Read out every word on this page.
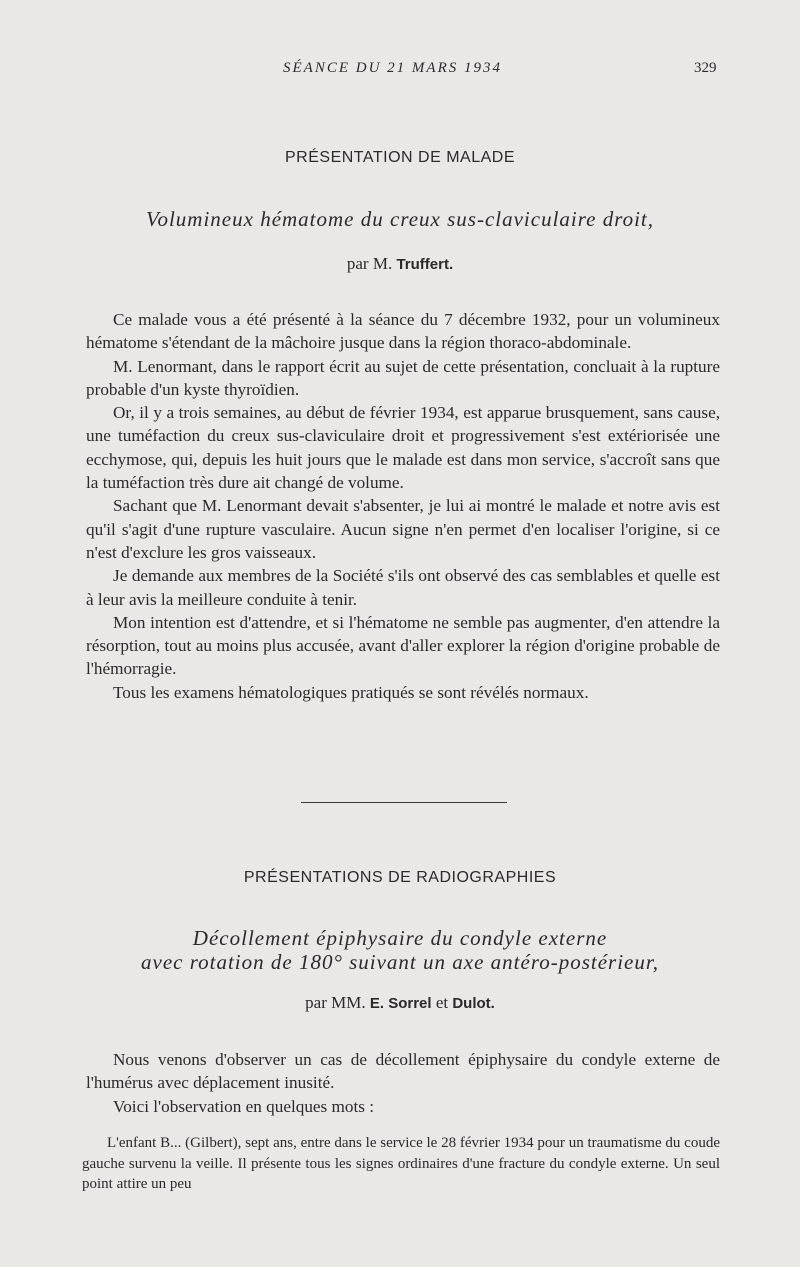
SÉANCE DU 21 MARS 1934	329
PRÉSENTATION DE MALADE
Volumineux hématome du creux sus-claviculaire droit,
par M. Truffert.

Ce malade vous a été présenté à la séance du 7 décembre 1932, pour un volumineux hématome s'étendant de la mâchoire jusque dans la région thoraco-abdominale.

M. Lenormant, dans le rapport écrit au sujet de cette présentation, concluait à la rupture probable d'un kyste thyroïdien.

Or, il y a trois semaines, au début de février 1934, est apparue brusquement, sans cause, une tuméfaction du creux sus-claviculaire droit et progressivement s'est extériorisée une ecchymose, qui, depuis les huit jours que le malade est dans mon service, s'accroît sans que la tuméfaction très dure ait changé de volume.

Sachant que M. Lenormant devait s'absenter, je lui ai montré le malade et notre avis est qu'il s'agit d'une rupture vasculaire. Aucun signe n'en permet d'en localiser l'origine, si ce n'est d'exclure les gros vaisseaux.

Je demande aux membres de la Société s'ils ont observé des cas semblables et quelle est à leur avis la meilleure conduite à tenir.

Mon intention est d'attendre, et si l'hématome ne semble pas augmenter, d'en attendre la résorption, tout au moins plus accusée, avant d'aller explorer la région d'origine probable de l'hémorragie.

Tous les examens hématologiques pratiqués se sont révélés normaux.

PRÉSENTATIONS DE RADIOGRAPHIES
Décollement épiphysaire du condyle externe
avec rotation de 180° suivant un axe antéro-postérieur,
par MM. E. Sorrel et Dulot.

Nous venons d'observer un cas de décollement épiphysaire du condyle externe de l'humérus avec déplacement inusité.

Voici l'observation en quelques mots :

L'enfant B... (Gilbert), sept ans, entre dans le service le 28 février 1934 pour un traumatisme du coude gauche survenu la veille. Il présente tous les signes ordinaires d'une fracture du condyle externe. Un seul point attire un peu
